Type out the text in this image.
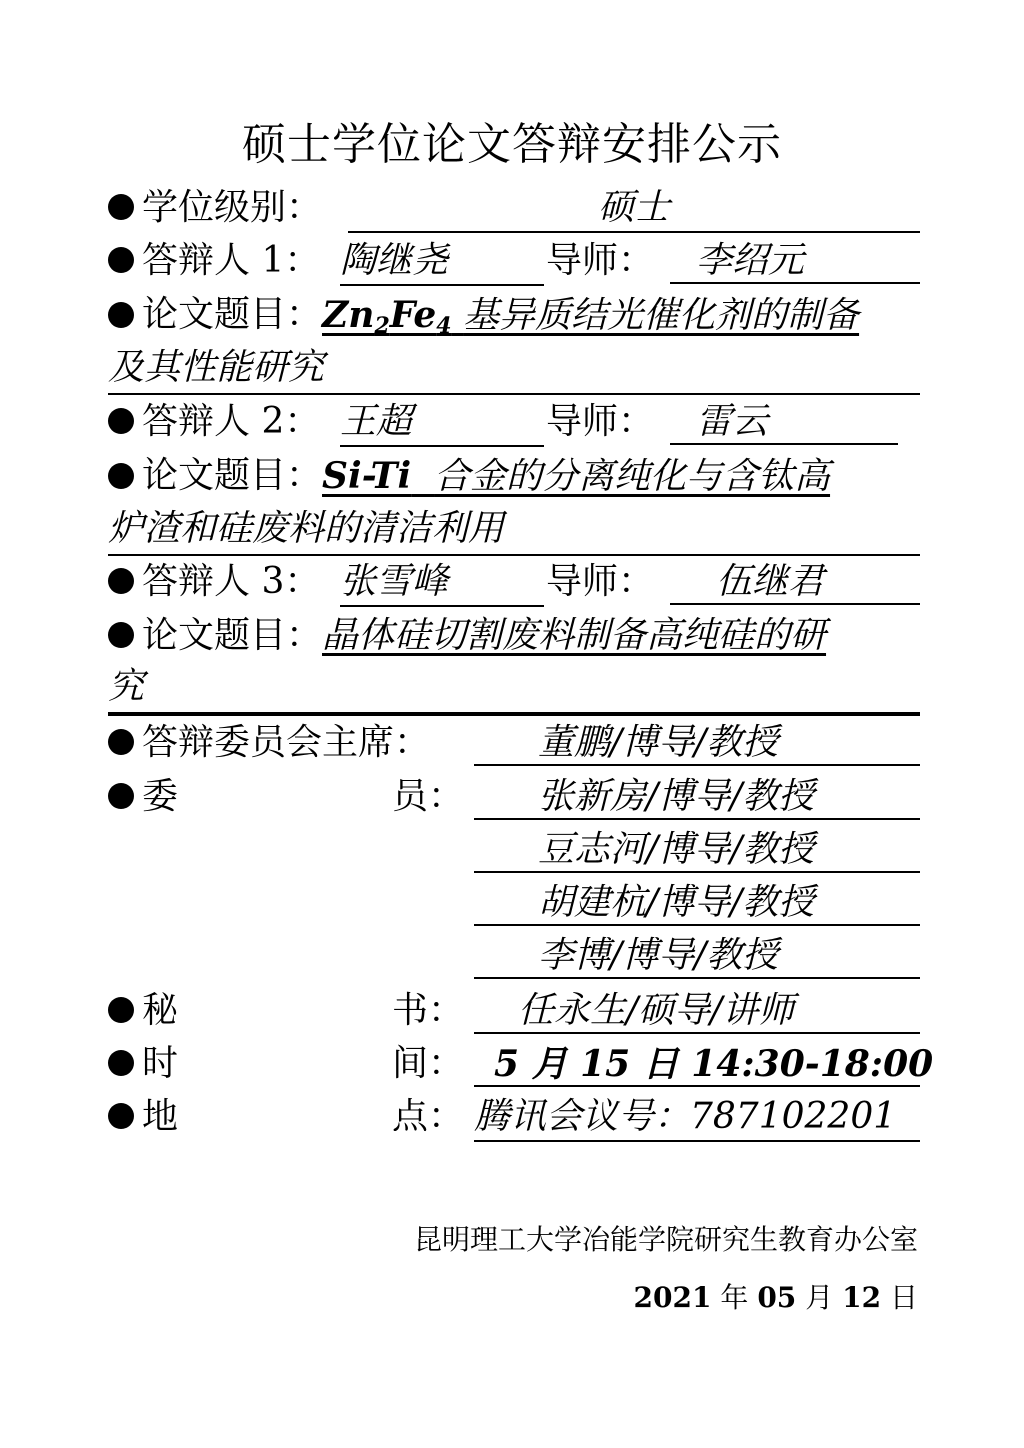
硕士学位论文答辩安排公示
学位级别：	硕士
答辩人 1： 陶继尧	导师：	李绍元
论文题目：$Zn_2Fe_4$ 基异质结光催化剂的制备
及其性能研究
答辩人 2： 王超	导师：	雷云
论文题目：Si-Ti 合金的分离纯化与含钛高
炉渣和硅废料的清洁利用
答辩人 3： 张雪峰	导师：	伍继君
论文题目：晶体硅切割废料制备高纯硅的研
究
答辩委员会主席：	董鹏/博导/教授
委	员：	张新房/博导/教授
豆志河/博导/教授
胡建杭/博导/教授
李博/博导/教授
秘	书：	任永生/硕导/讲师
时	间： 5 月 15 日 14:30-18:00
地	点： 腾讯会议号：787102201
昆明理工大学冶能学院研究生教育办公室
2021 年 05 月 12 日
